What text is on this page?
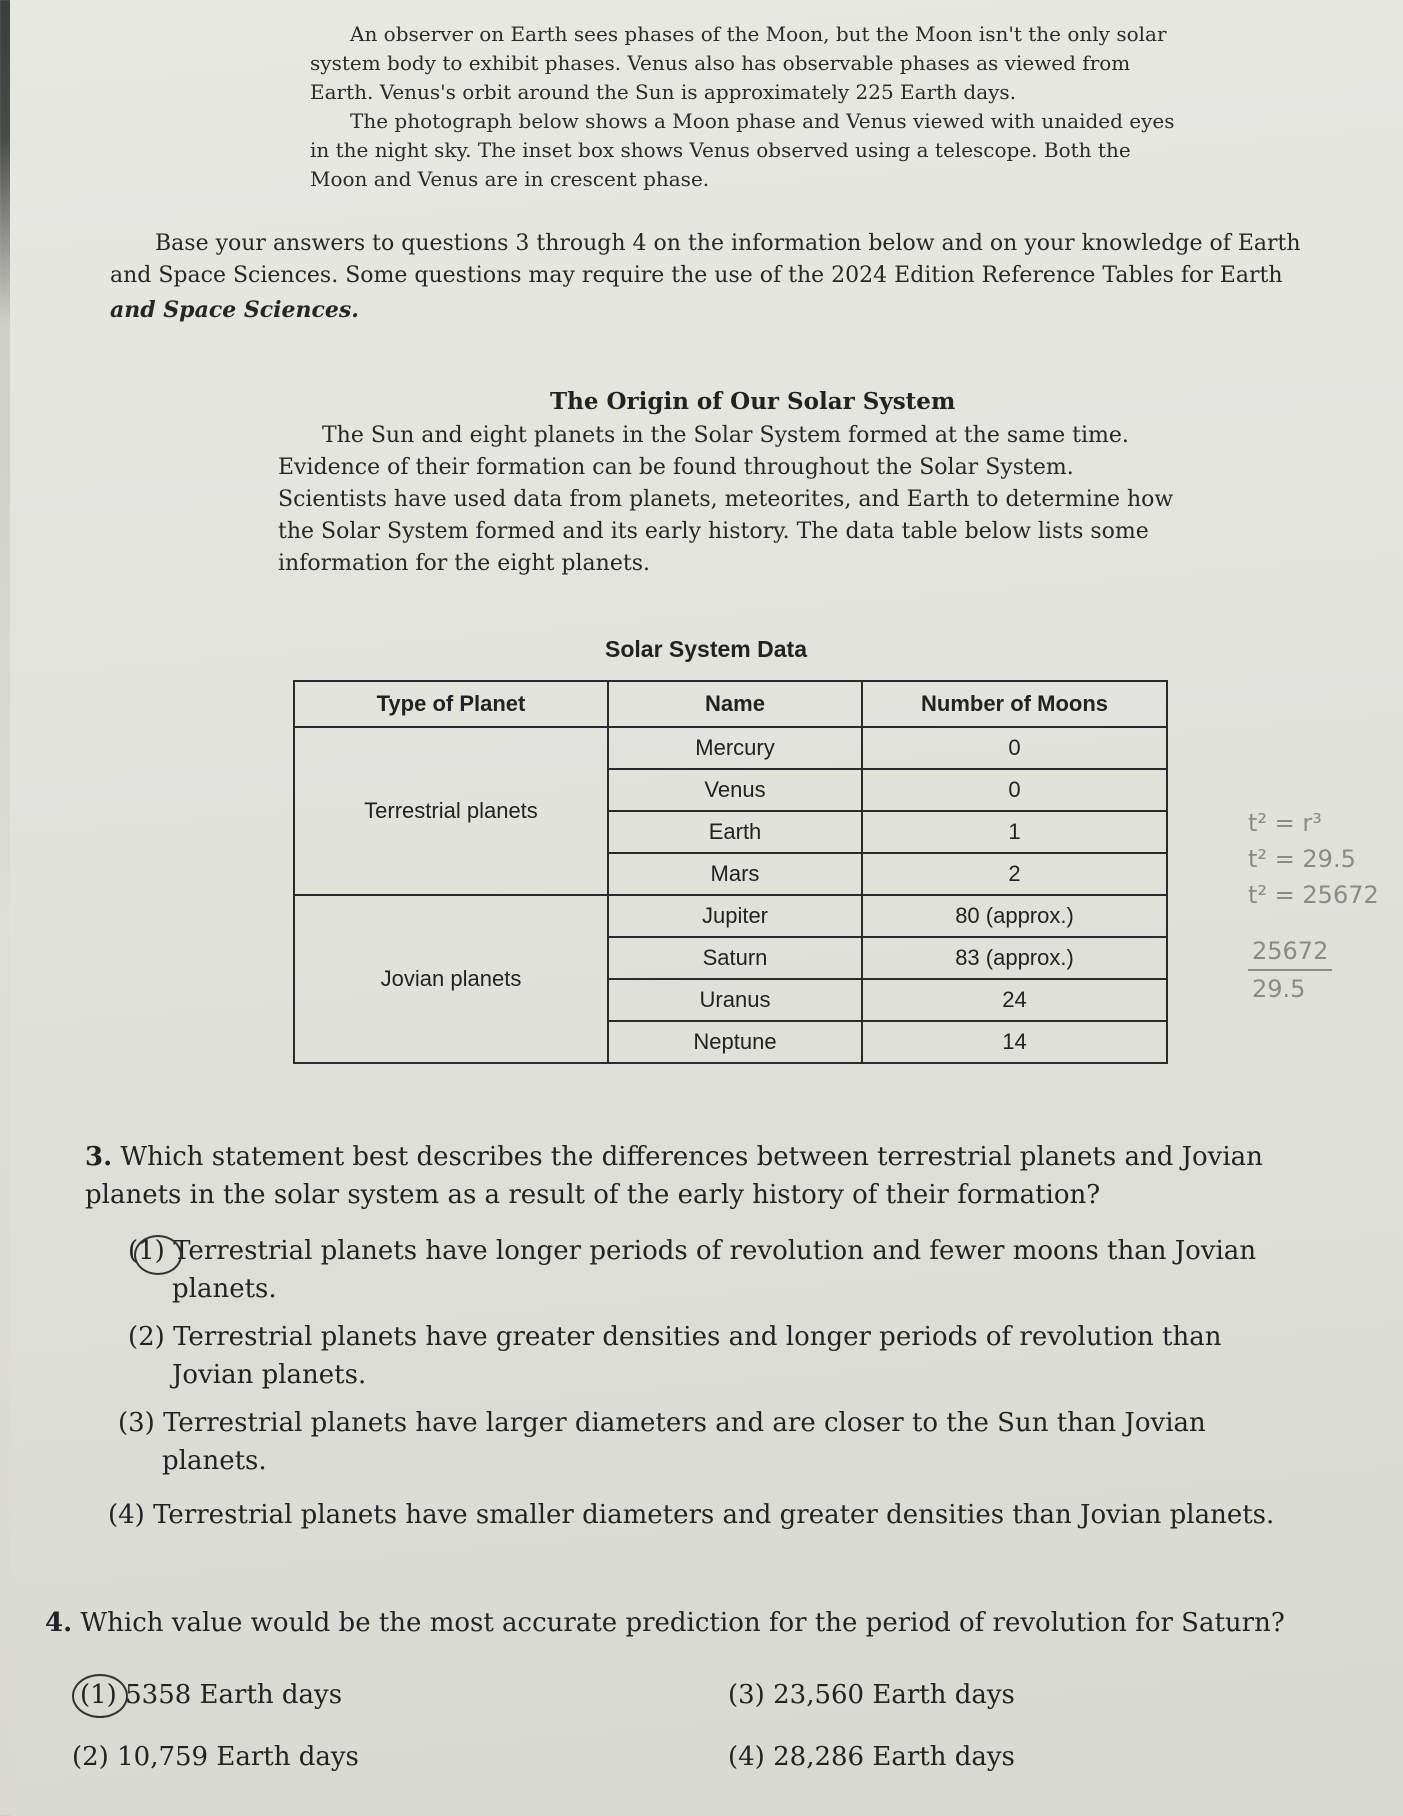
An observer on Earth sees phases of the Moon, but the Moon isn't the only solar system body to exhibit phases. Venus also has observable phases as viewed from Earth. Venus's orbit around the Sun is approximately 225 Earth days.

The photograph below shows a Moon phase and Venus viewed with unaided eyes in the night sky. The inset box shows Venus observed using a telescope. Both the Moon and Venus are in crescent phase.

Base your answers to questions 3 through 4 on the information below and on your knowledge of Earth and Space Sciences. Some questions may require the use of the 2024 Edition Reference Tables for Earth

and Space Sciences.
The Origin of Our Solar System

The Sun and eight planets in the Solar System formed at the same time. Evidence of their formation can be found throughout the Solar System. Scientists have used data from planets, meteorites, and Earth to determine how the Solar System formed and its early history. The data table below lists some information for the eight planets.

Solar System Data
Type of Planet	Name	Number of Moons
Terrestrial planets	Mercury	0
	Venus	0
	Earth	1
	Mars	2
Jovian planets	Jupiter	80 (approx.)
	Saturn	83 (approx.)
	Uranus	24
	Neptune	14
t² = r³
t² = 29.5
t² = 25672
25672
29.5
3. Which statement best describes the differences between terrestrial planets and Jovian planets in the solar system as a result of the early history of their formation?
(1) Terrestrial planets have longer periods of revolution and fewer moons than Jovian planets.
(2) Terrestrial planets have greater densities and longer periods of revolution than Jovian planets.
(3) Terrestrial planets have larger diameters and are closer to the Sun than Jovian planets.
(4) Terrestrial planets have smaller diameters and greater densities than Jovian planets.
4. Which value would be the most accurate prediction for the period of revolution for Saturn?
(1) 5358 Earth days	(3) 23,560 Earth days
(2) 10,759 Earth days	(4) 28,286 Earth days
